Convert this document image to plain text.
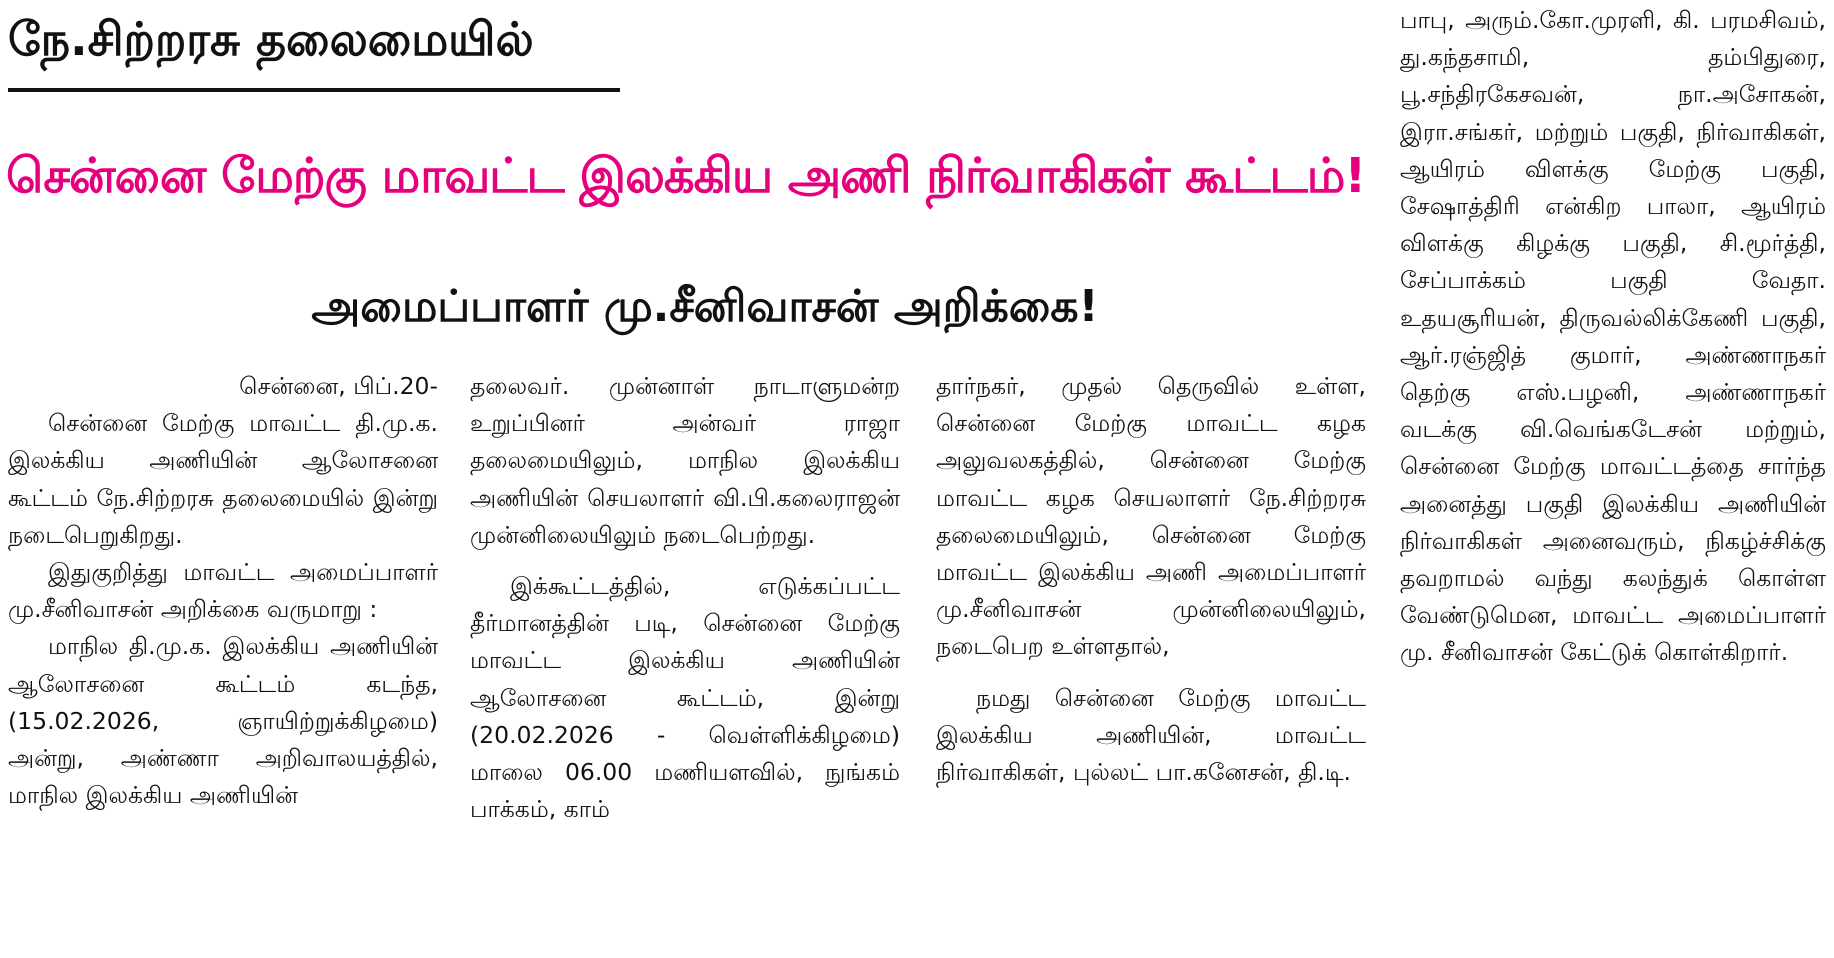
நே.சிற்றரசு தலைமையில்
சென்னை மேற்கு மாவட்ட இலக்கிய அணி நிர்வாகிகள் கூட்டம்!
அமைப்பாளர் மு.சீனிவாசன் அறிக்கை!

சென்னை, பிப்.20-

சென்னை மேற்கு மாவட்ட தி.மு.க. இலக்கிய அணியின் ஆலோசனை கூட்டம் நே.சிற்றரசு தலைமையில் இன்று நடைபெறுகிறது.

இதுகுறித்து மாவட்ட அமைப்பாளர் மு.சீனிவாசன் அறிக்கை வருமாறு :

மாநில தி.மு.க. இலக்கிய அணியின் ஆலோசனை கூட்டம் கடந்த, (15.02.2026, ஞாயிற்றுக்கிழமை) அன்று, அண்ணா அறிவாலயத்தில், மாநில இலக்கிய அணியின்

தலைவர். முன்னாள் நாடாளுமன்ற உறுப்பினர் அன்வர் ராஜா தலைமையிலும், மாநில இலக்கிய அணியின் செயலாளர் வி.பி.கலைராஜன் முன்னிலையிலும் நடைபெற்றது.

இக்கூட்டத்தில், எடுக்கப்பட்ட தீர்மானத்தின் படி, சென்னை மேற்கு மாவட்ட இலக்கிய அணியின் ஆலோசனை கூட்டம், இன்று (20.02.2026 - வெள்ளிக்கிழமை) மாலை 06.00 மணியளவில், நுங்கம் பாக்கம், காம்

தார்நகர், முதல் தெருவில் உள்ள, சென்னை மேற்கு மாவட்ட கழக அலுவலகத்தில், சென்னை மேற்கு மாவட்ட கழக செயலாளர் நே.சிற்றரசு தலைமையிலும், சென்னை மேற்கு மாவட்ட இலக்கிய அணி அமைப்பாளர் மு.சீனிவாசன் முன்னிலையிலும், நடைபெற உள்ளதால்,

நமது சென்னை மேற்கு மாவட்ட இலக்கிய அணியின், மாவட்ட நிர்வாகிகள், புல்லட் பா.கனேசன், தி.டி.

பாபு, அரும்.கோ.முரளி, கி. பரமசிவம், து.கந்தசாமி, தம்பிதுரை, பூ.சந்திரகேசவன், நா.அசோகன், இரா.சங்கர், மற்றும் பகுதி, நிர்வாகிகள், ஆயிரம் விளக்கு மேற்கு பகுதி, சேஷாத்திரி என்கிற பாலா, ஆயிரம் விளக்கு கிழக்கு பகுதி, சி.மூர்த்தி, சேப்பாக்கம் பகுதி வேதா. உதயசூரியன், திருவல்லிக்கேணி பகுதி, ஆர்.ரஞ்ஜித் குமார், அண்ணாநகர் தெற்கு எஸ்.பழனி, அண்ணாநகர் வடக்கு வி.வெங்கடேசன் மற்றும், சென்னை மேற்கு மாவட்டத்தை சார்ந்த அனைத்து பகுதி இலக்கிய அணியின் நிர்வாகிகள் அனைவரும், நிகழ்ச்சிக்கு தவறாமல் வந்து கலந்துக் கொள்ள வேண்டுமென, மாவட்ட அமைப்பாளர் மு. சீனிவாசன் கேட்டுக் கொள்கிறார்.
